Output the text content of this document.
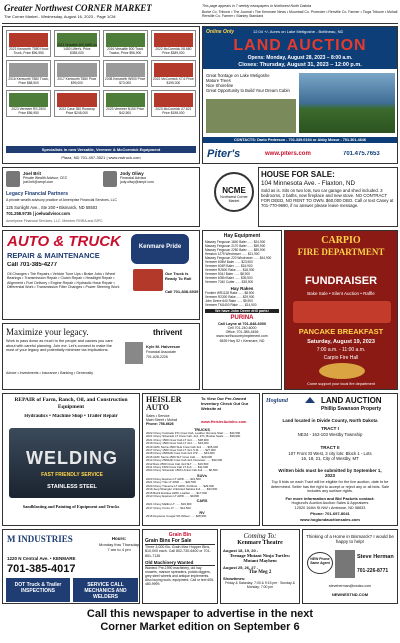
Greater Northwest CORNER MARKET
The Corner Market - Wednesday, August 16, 2023 - Page 1CM
This page appears in 7 weekly newspapers in Northwest North Dakota
Burke Co. Tribune • The Journal • The Kenmare News • Mountrail Co. Promoter • Renville Co. Farmer • Tioga Tribune • Mohall Renville Co. Farmer • Stanley Standard
2023 Kenworth T880 Hood Truck, Price $96,950
2023 Versatile 400 AWD on 1450 Lifter's, Price $355,000
2016 Versatile 500 Track Tractor, Price $96,900
2022 McCormick X8.680 Price $389,000
2016 Kenworth T880 Truck, Price $68,500
2017 Kenworth T880 Price $99,000
2008 Kenworth W900 Price $73,000
2022 McCormick X7.6 Price $195,000
2023 Vermeer RS 2500 Price $56,950
2022 Case 350 Rowcrop Price $245,000
2023 Vermeer N150 Price $42,500
2023 McCormick X7.621 Price $198,000
Specialists in new Versatile, Vermeer & McCormick Equipment
Plaza, ND 701-497-3521 | www.nwtruck.com
Online Only	12.04 +/- Acres on Lake Metigoshe - Bottineau, ND
LAND AUCTION
Opens: Monday, August 28, 2023 – 8:00 a.m.
Closes: Thursday, August 31, 2023 – 12:00 p.m.
Great frontage on Lake Metigoshe
Mature Trees
Nice Shoreline
Great Opportunity to Build Your Dream Cabin
CONTACTS: Dario Pederson - 701.339.0194 or Abby Mosur - 701.301.4646
Piter's	www.piters.com	701.475.7653
Joel Brit
Private Wealth Advisor, CEO
joel.brit@ampf.com
Jody Oliwy
Financial Advisor
jody.oliwy@ampf.com
Legacy Financial Partners
A private wealth advisory practice of Ameriprise Financial Services, LLC
125 Sunlight Ave., Ste 200 • Bismarck, ND 58503
701.258.9735 | joelwadvisor.com
Ameriprise Financial Services, LLC. Member FINRA and SIPC.
NCME
Northwest Corner Market
HOUSE FOR SALE:
104 Minnesota Ave. - Flaxton, ND
Sold as is. Sits on two lots, two car garage and shed included. 3 bedrooms, 2 baths, new fireplace and new stove. NO CONTRACT FOR DEED, NO RENT TO OWN. $60,000 OBO. Call or text Casey at 701-770-9690, if no answer please leave message.
AUTO & TRUCK
REPAIR & MAINTENANCE
Call 701-385-4277
Kenmare Pride
Oil Changes • Tire Repairs • Vehicle Tune Ups • Brake Jobs • Wheel Bearings • Transmission Repair • Clutch Repair • Headlight Repair • Alignment • Fuel Delivery • Engine Repair • Hydraulic Hose Repair • Differential Work • Transmission Filter Changes • Power Steering Work
Our Truck is Ready To Roll
Call 701-838-6939
Hay Equipment
Massey Ferguson 1840 Baler ...... $24,900
Massey Ferguson 2170 Baler ...... $59,900
Massey Ferguson 2250 Baler ...... $89,900
Hesston 1275 Windrower ...... $21,900
Massey Ferguson 220 Windrower ...... $44,900
Vermeer 605M Baler ...... $23,900
Vermeer 604R Baler ...... $16,900
Vermeer R2800 Rake ...... $18,900
Vermeer 504J Baler ...... $8,900
Vermeer 605N Baler ...... $39,900
Vermeer 7040 Cutter ...... $35,900
Hay Rakes
Frontier WR1128 Rake ...... $8,900
Vermeer R2300 Rake ...... $29,900
John Deere 640 Rake ...... $5,900
Vermeer TM1400 Rake ...... $14,900
We have John Deere drill parts!
PURINA
Call Layne at 701-848-6000
Cell 701-240-6000
Office: 701-385-4456
www.northcountryimplement.com
6539 Hwy 52 • Kenmare, ND
CARPIO
FIRE DEPARTMENT
FUNDRAISER
Bake Sale • Silent Auction • Raffle
PANCAKE BREAKFAST
Saturday, August 19, 2023
7:00 a.m. - 11:00 a.m.
Carpio Fire Hall
Come support your local fire department
Maximize your legacy.
Work to pass down as much to the people and causes you care about with careful planning. Join me. Let's connect to make the most of your legacy and potentially minimize tax implications.
thrivent
Kyle M. Halverson
Financial Associate
701-628-2226
Advice • Investments • Insurance • Banking • Generosity
REPAIR of Farm, Ranch, Oil, and Construction Equipment
Hydraulics • Machine Shop • Trailer Repair
WELDING
FAST FRIENDLY SERVICE
STAINLESS STEEL
Sandblasting and Painting of Equipment and Trucks
HEISLER AUTO
Sales • Service
Main Street • Mohall
Phone: 756-6626
To View Our Pre-Owned Inventory Check Out Our Website at
www.HeislerAutoInc.com
TRUCKS
2022 Chevy Colorado Z71 Crew Cab, Leather, Remote Start ...... $44,500
2021 Chevy Silverado LT Crew Cab, 4x4, Z71, Bucket Seats ...... $39,900
2021 Chevy 1500 Crew Cab LT 4x4 ...... $38,900
2019 Chevy 1500 Crew Cab LT 4x4 ...... $34,000
2019 GMC Sierra 1500 SLE Crew Cab 4x4 ...... $35,000
2017 Chevy 1500 Crew Cab LT 4x4, 5.3L ...... $27,000
2018 Chevy 2500HD Crew Cab 4x4 LTZ ...... $43,000
2016 GMC Sierra 1500 SLT Crew Cab ...... $29,000
2014 Chevy 2500HD Crew Cab 4x4, Duramax ...... $33,000
2012 Ram 2500 Crew Cab 4x4 SLT ...... $19,500
2011 Chevy 1500 Crew Cab LT 4x4 ...... $11,000
2004 Chevy Silverado 1500 LS Ext Cab 4x4 ...... $6,500
SUVs
2023 Chevy Equinox LT AWD ...... $31,500
2021 Chevy Trax LT AWD ...... $20,500
2020 Chevy Traverse LT AWD, 3rd Row ...... $29,900
2019 Jeep Wrangler Unlimited Sahara 4x4 ...... $34,500
2016 Buick Enclave AWD, Leather ...... $17,500
2013 Chevy Equinox LT AWD ...... $9,800
CARS
2021 Chevy Malibu LT ...... $19,900
2017 Chevy Cruze LT ...... $12,500
RV
2016 Keystone Cougar 5th Wheel ...... $28,500
Hoglund	LAND AUCTION
Phillip Swanson Property
Land located in Divide County, North Dakota
TRACT I
NE34 - 162-103 Westby Township
TRACT II
107 Front St West, 3 city lots: Block 1 - Lots 16, 18, 21, City of Westby, MT
Written bids must be submitted by September 1, 2023
Top 5 bids on each Tract will be eligible for the live auction, date to be determined. Seller has the right to accept or reject any or all bids. Sale includes any surface rights.
For more information and Bid Packets contact:
Hoglund's Auction Auction Sales & Appraisers
12520 164th St NW • Ambrose, ND 58833
Phone: 701-697-8041
www.hoglundauctionsales.com
M INDUSTRIES
1220 N Central Ave. • KENMARE
701-385-4017
Hours:
Monday thru Thursday 7 am to 4 pm
DOT Truck & Trailer INSPECTIONS
SERVICE CALL MECHANICS AND WELDERS
Grain Bin
Grain Bins For Sale
Three 3,000 Bu. Grain Max Hopper Bins, $10,000 each. Call 802-730-6400 or 701-851-7136
Old Machinery Wanted
Wanted: Pre-1990 machinery, old hay mowers, manure spreaders, potato diggers, grey steel wheels and antique implements. Also buying tools, equipment. Call or text 605-480-9999.
Coming To:
Kenmare Theatre
August 18, 19, 20 -
Teenage Mutant Ninja Turtles: Mutant Mayhem
August 25, 26, 27 -
The Meg 2
Showtimes:
Friday & Saturday: 7:00 & 9:15 pm · Sunday & Monday: 7:00 pm
Thinking of a Home in Bismarck? I would be happy to help!
NEW Phone Same Agent
Steve Herman
701-226-8771
steveherman@nwdsc.com
NEWNESTND.COM
Call this newspaper to advertise in the next
Corner Market edition on September 6
